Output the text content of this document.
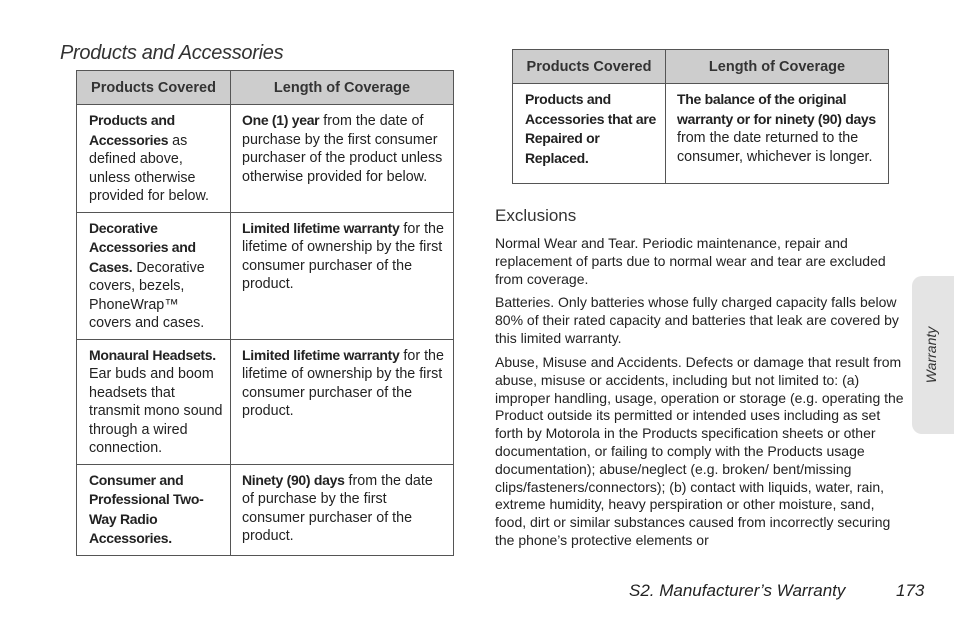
Products and Accessories
Products Covered	Length of Coverage
Products and Accessories as defined above, unless otherwise provided for below.	One (1) year from the date of purchase by the first consumer purchaser of the product unless otherwise provided for below.
Decorative Accessories and Cases. Decorative covers, bezels, PhoneWrap™ covers and cases.	Limited lifetime warranty for the lifetime of ownership by the first consumer purchaser of the product.
Monaural Headsets. Ear buds and boom headsets that transmit mono sound through a wired connection.	Limited lifetime warranty for the lifetime of ownership by the first consumer purchaser of the product.
Consumer and Professional Two-Way Radio Accessories.	Ninety (90) days from the date of purchase by the first consumer purchaser of the product.
Products Covered	Length of Coverage
Products and Accessories that are Repaired or Replaced.	The balance of the original warranty or for ninety (90) days from the date returned to the consumer, whichever is longer.
Exclusions

Normal Wear and Tear. Periodic maintenance, repair and replacement of parts due to normal wear and tear are excluded from coverage.

Batteries. Only batteries whose fully charged capacity falls below 80% of their rated capacity and batteries that leak are covered by this limited warranty.

Abuse, Misuse and Accidents. Defects or damage that result from abuse, misuse or accidents, including but not limited to: (a) improper handling, usage, operation or storage (e.g. operating the Product outside its permitted or intended uses including as set forth by Motorola in the Products specification sheets or other documentation, or failing to comply with the Products usage documentation); abuse/neglect (e.g. broken/ bent/missing clips/fasteners/connectors); (b) contact with liquids, water, rain, extreme humidity, heavy perspiration or other moisture, sand, food, dirt or similar substances caused from incorrectly securing the phone’s protective elements or

Warranty
S2. Manufacturer’s Warranty	173
